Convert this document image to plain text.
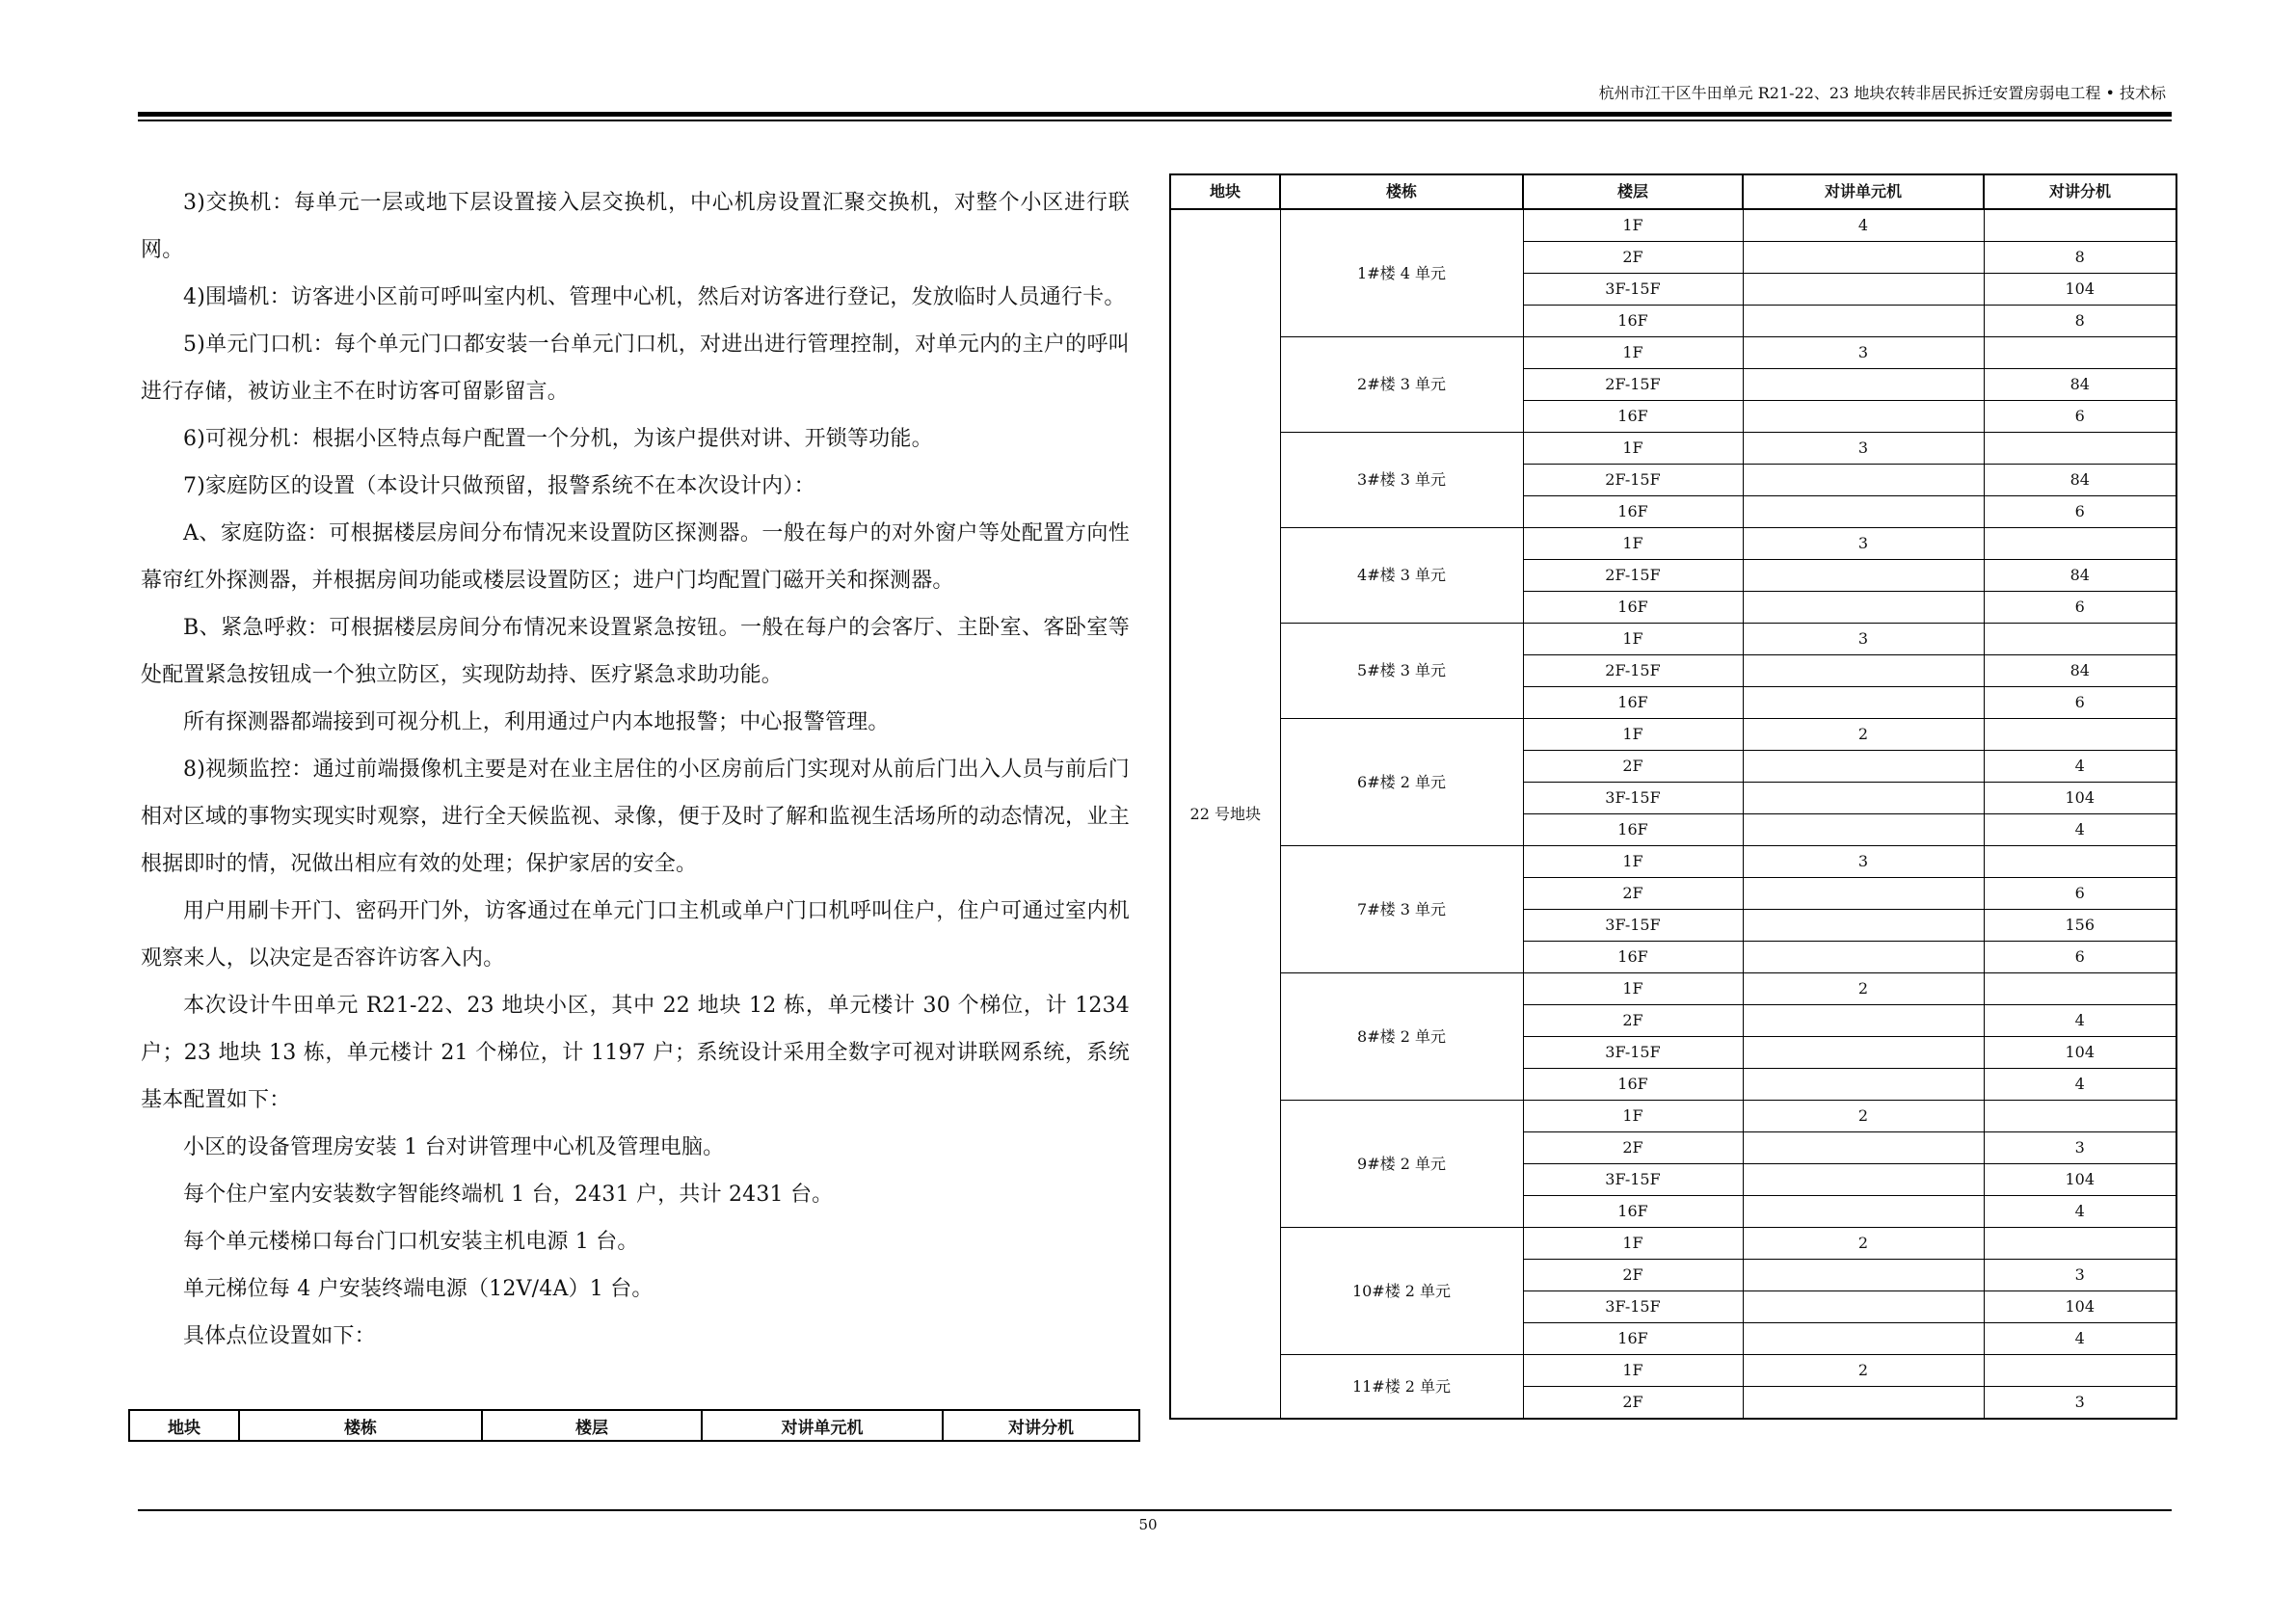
杭州市江干区牛田单元 R21-22、23 地块农转非居民拆迁安置房弱电工程 • 技术标

3)交换机：每单元一层或地下层设置接入层交换机，中心机房设置汇聚交换机，对整个小区进行联网。

4)围墙机：访客进小区前可呼叫室内机、管理中心机，然后对访客进行登记，发放临时人员通行卡。

5)单元门口机：每个单元门口都安装一台单元门口机，对进出进行管理控制，对单元内的主户的呼叫进行存储，被访业主不在时访客可留影留言。

6)可视分机：根据小区特点每户配置一个分机，为该户提供对讲、开锁等功能。

7)家庭防区的设置（本设计只做预留，报警系统不在本次设计内）：

A、家庭防盗：可根据楼层房间分布情况来设置防区探测器。一般在每户的对外窗户等处配置方向性幕帘红外探测器，并根据房间功能或楼层设置防区；进户门均配置门磁开关和探测器。

B、紧急呼救：可根据楼层房间分布情况来设置紧急按钮。一般在每户的会客厅、主卧室、客卧室等处配置紧急按钮成一个独立防区，实现防劫持、医疗紧急求助功能。

所有探测器都端接到可视分机上，利用通过户内本地报警；中心报警管理。

8)视频监控：通过前端摄像机主要是对在业主居住的小区房前后门实现对从前后门出入人员与前后门相对区域的事物实现实时观察，进行全天候监视、录像，便于及时了解和监视生活场所的动态情况，业主根据即时的情，况做出相应有效的处理；保护家居的安全。

用户用刷卡开门、密码开门外，访客通过在单元门口主机或单户门口机呼叫住户，住户可通过室内机观察来人，以决定是否容许访客入内。

本次设计牛田单元 R21-22、23 地块小区，其中 22 地块 12 栋，单元楼计 30 个梯位，计 1234 户；23 地块 13 栋，单元楼计 21 个梯位，计 1197 户；系统设计采用全数字可视对讲联网系统，系统基本配置如下：

小区的设备管理房安装 1 台对讲管理中心机及管理电脑。

每个住户室内安装数字智能终端机 1 台，2431 户，共计 2431 台。

每个单元楼梯口每台门口机安装主机电源 1 台。

单元梯位每 4 户安装终端电源（12V/4A）1 台。

具体点位设置如下：

地块	楼栋	楼层	对讲单元机	对讲分机
地块	楼栋	楼层	对讲单元机	对讲分机
22 号地块	1#楼 4 单元	1F	4	
		2F		8
		3F-15F		104
		16F		8
	2#楼 3 单元	1F	3	
		2F-15F		84
		16F		6
	3#楼 3 单元	1F	3	
		2F-15F		84
		16F		6
	4#楼 3 单元	1F	3	
		2F-15F		84
		16F		6
	5#楼 3 单元	1F	3	
		2F-15F		84
		16F		6
	6#楼 2 单元	1F	2	
		2F		4
		3F-15F		104
		16F		4
	7#楼 3 单元	1F	3	
		2F		6
		3F-15F		156
		16F		6
	8#楼 2 单元	1F	2	
		2F		4
		3F-15F		104
		16F		4
	9#楼 2 单元	1F	2	
		2F		3
		3F-15F		104
		16F		4
	10#楼 2 单元	1F	2	
		2F		3
		3F-15F		104
		16F		4
	11#楼 2 单元	1F	2	
		2F		3
50
